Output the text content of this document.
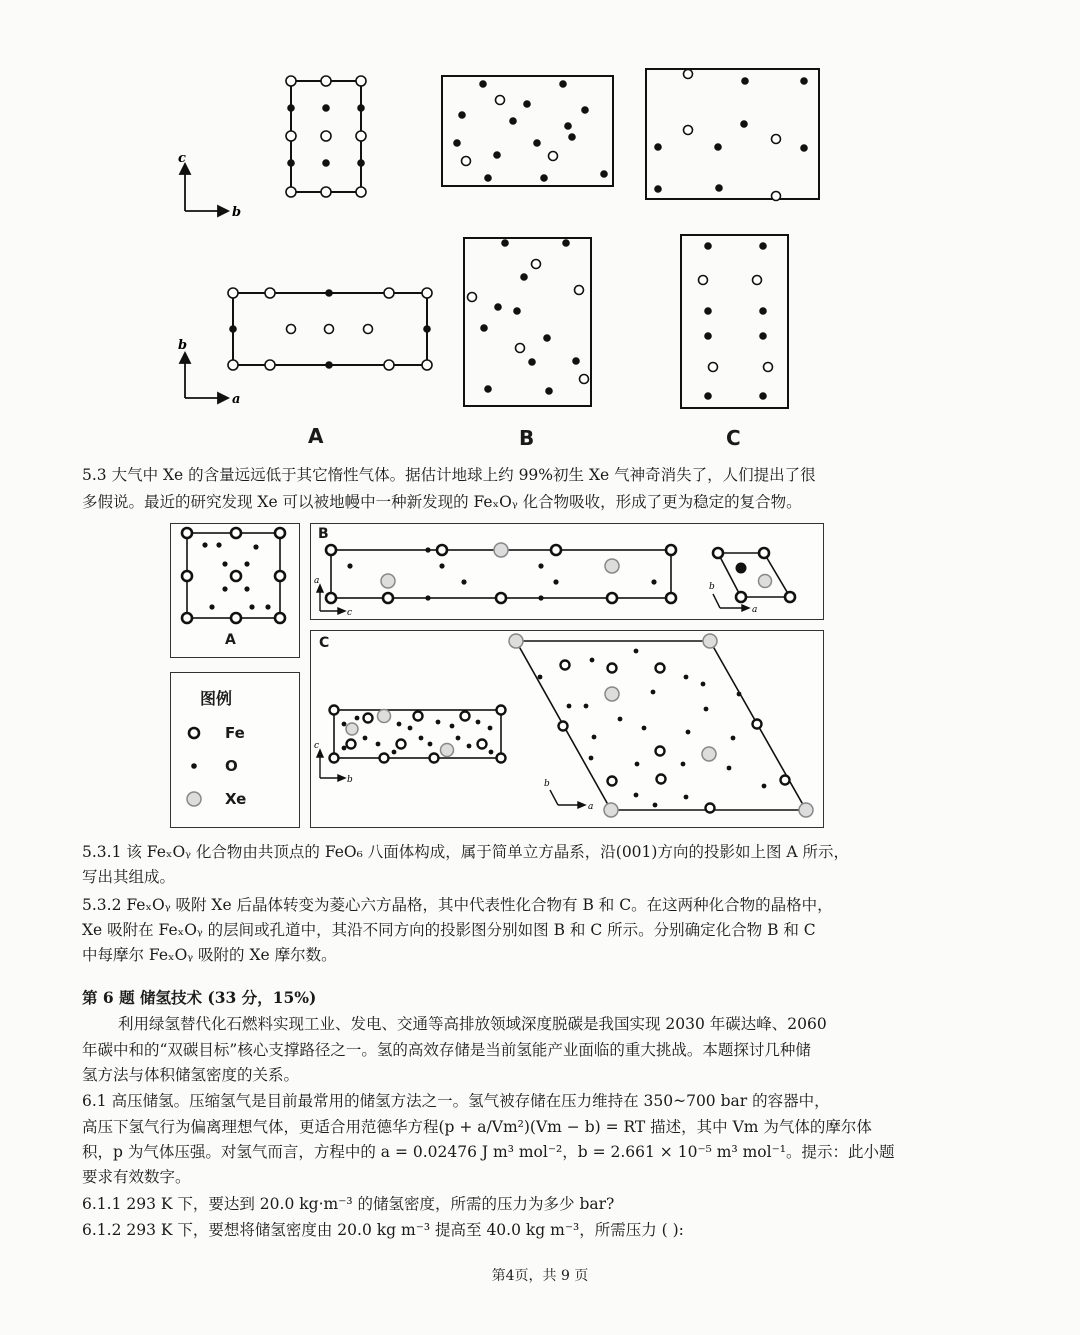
c
b
b
a
A	B	C
5.3 大气中 Xe 的含量远远低于其它惰性气体。据估计地球上约 99%初生 Xe 气神奇消失了，人们提出了很
多假说。最近的研究发现 Xe 可以被地幔中一种新发现的 FeₓOᵧ 化合物吸收，形成了更为稳定的复合物。
a
c
b
a
c
b	b
a
A
B
C
图例
Fe
O
Xe
5.3.1 该 FeₓOᵧ 化合物由共顶点的 FeO₆ 八面体构成，属于简单立方晶系，沿(001)方向的投影如上图 A 所示，
写出其组成。
5.3.2 FeₓOᵧ 吸附 Xe 后晶体转变为菱心六方晶格，其中代表性化合物有 B 和 C。在这两种化合物的晶格中，
Xe 吸附在 FeₓOᵧ 的层间或孔道中，其沿不同方向的投影图分别如图 B 和 C 所示。分别确定化合物 B 和 C
中每摩尔 FeₓOᵧ 吸附的 Xe 摩尔数。
第 6 题 储氢技术 (33 分，15%)
利用绿氢替代化石燃料实现工业、发电、交通等高排放领域深度脱碳是我国实现 2030 年碳达峰、2060
年碳中和的“双碳目标”核心支撑路径之一。氢的高效存储是当前氢能产业面临的重大挑战。本题探讨几种储
氢方法与体积储氢密度的关系。
6.1 高压储氢。压缩氢气是目前最常用的储氢方法之一。氢气被存储在压力维持在 350~700 bar 的容器中，
高压下氢气行为偏离理想气体，更适合用范德华方程(p + a/Vm²)(Vm − b) = RT 描述，其中 Vm 为气体的摩尔体
积，p 为气体压强。对氢气而言，方程中的 a = 0.02476 J m³ mol⁻²，b = 2.661 × 10⁻⁵ m³ mol⁻¹。提示：此小题
要求有效数字。
6.1.1 293 K 下，要达到 20.0 kg·m⁻³ 的储氢密度，所需的压力为多少 bar?
6.1.2 293 K 下，要想将储氢密度由 20.0 kg m⁻³ 提高至 40.0 kg m⁻³，所需压力 ( ):
第4页，共 9 页
